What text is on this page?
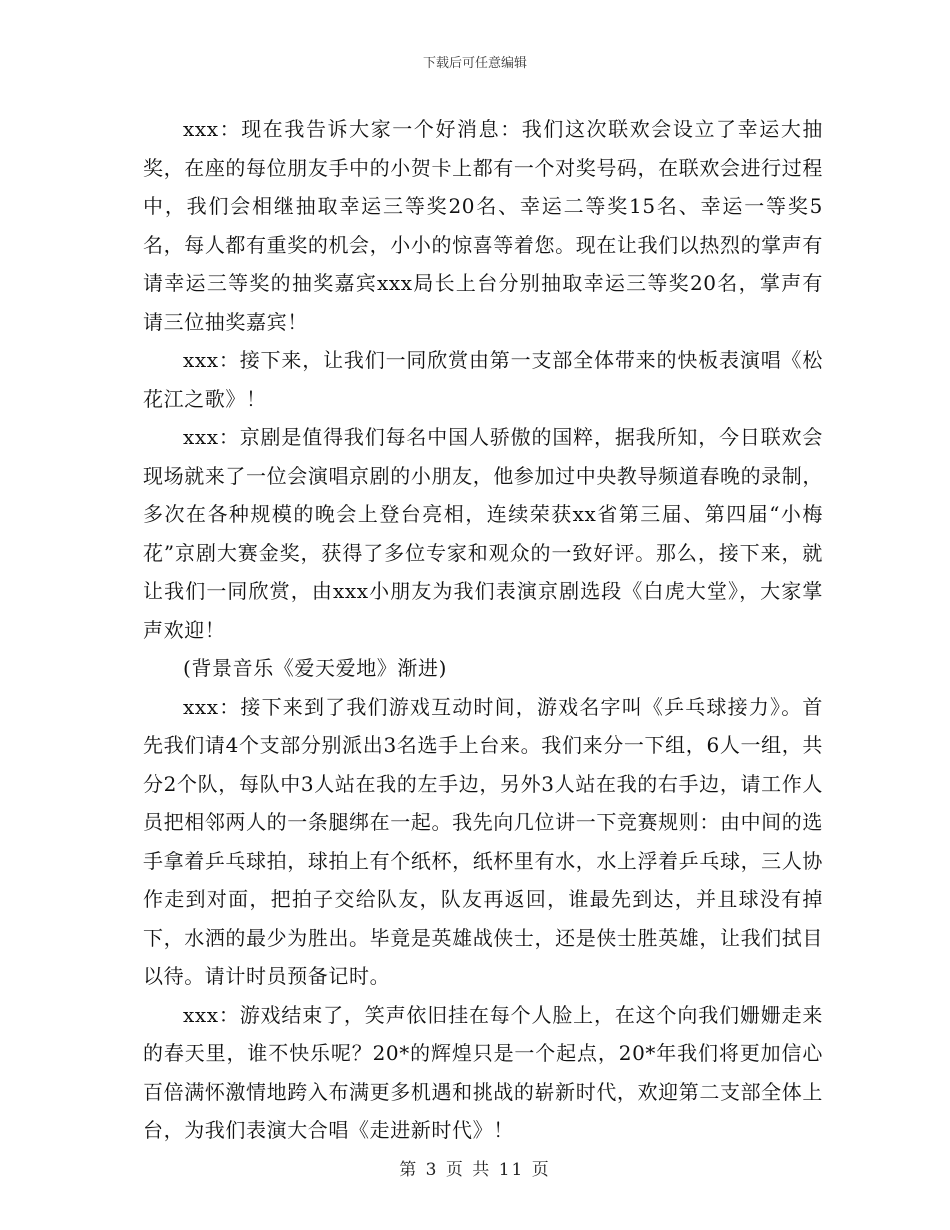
下载后可任意编辑

xxx：现在我告诉大家一个好消息：我们这次联欢会设立了幸运大抽奖，在座的每位朋友手中的小贺卡上都有一个对奖号码，在联欢会进行过程中，我们会相继抽取幸运三等奖20名、幸运二等奖15名、幸运一等奖5名，每人都有重奖的机会，小小的惊喜等着您。现在让我们以热烈的掌声有请幸运三等奖的抽奖嘉宾xxx局长上台分别抽取幸运三等奖20名，掌声有请三位抽奖嘉宾！

xxx：接下来，让我们一同欣赏由第一支部全体带来的快板表演唱《松花江之歌》！

xxx：京剧是值得我们每名中国人骄傲的国粹，据我所知，今日联欢会现场就来了一位会演唱京剧的小朋友，他参加过中央教导频道春晚的录制，多次在各种规模的晚会上登台亮相，连续荣获xx省第三届、第四届“小梅花”京剧大赛金奖，获得了多位专家和观众的一致好评。那么，接下来，就让我们一同欣赏，由xxx小朋友为我们表演京剧选段《白虎大堂》，大家掌声欢迎！

(背景音乐《爱天爱地》渐进)

xxx：接下来到了我们游戏互动时间，游戏名字叫《乒乓球接力》。首先我们请4个支部分别派出3名选手上台来。我们来分一下组，6人一组，共分2个队，每队中3人站在我的左手边，另外3人站在我的右手边，请工作人员把相邻两人的一条腿绑在一起。我先向几位讲一下竞赛规则：由中间的选手拿着乒乓球拍，球拍上有个纸杯，纸杯里有水，水上浮着乒乓球，三人协作走到对面，把拍子交给队友，队友再返回，谁最先到达，并且球没有掉下，水洒的最少为胜出。毕竟是英雄战侠士，还是侠士胜英雄，让我们拭目以待。请计时员预备记时。

xxx：游戏结束了，笑声依旧挂在每个人脸上，在这个向我们姗姗走来的春天里，谁不快乐呢？20*的辉煌只是一个起点，20*年我们将更加信心百倍满怀激情地跨入布满更多机遇和挑战的崭新时代，欢迎第二支部全体上台，为我们表演大合唱《走进新时代》！

第 3 页 共 11 页
